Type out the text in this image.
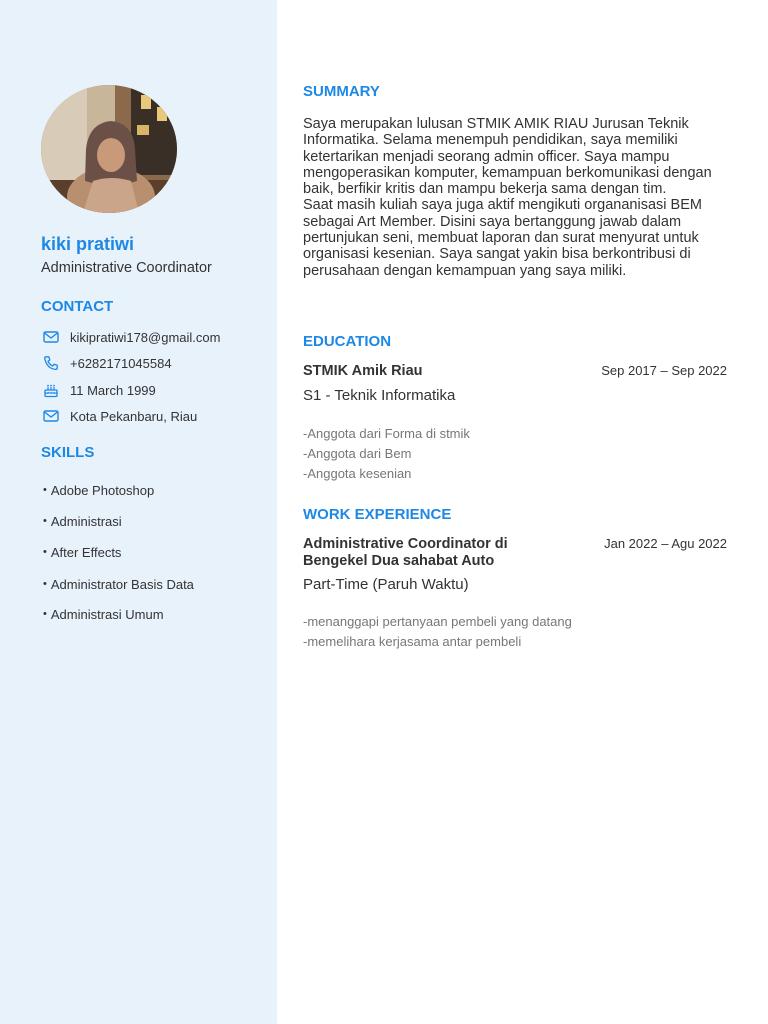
kiki pratiwi
Administrative Coordinator
CONTACT
kikipratiwi178@gmail.com
+6282171045584
11 March 1999
Kota Pekanbaru, Riau
SKILLS
• Adobe Photoshop
• Administrasi
• After Effects
• Administrator Basis Data
• Administrasi Umum
SUMMARY

Saya merupakan lulusan STMIK AMIK RIAU Jurusan Teknik Informatika. Selama menempuh pendidikan, saya memiliki ketertarikan menjadi seorang admin officer. Saya mampu mengoperasikan komputer, kemampuan berkomunikasi dengan baik, berfikir kritis dan mampu bekerja sama dengan tim.

Saat masih kuliah saya juga aktif mengikuti organanisasi BEM sebagai Art Member. Disini saya bertanggung jawab dalam pertunjukan seni, membuat laporan dan surat menyurat untuk organisasi kesenian. Saya sangat yakin bisa berkontribusi di perusahaan dengan kemampuan yang saya miliki.

EDUCATION
STMIK Amik Riau	Sep 2017 – Sep 2022
S1 - Teknik Informatika
-Anggota dari Forma di stmik
-Anggota dari Bem
-Anggota kesenian
WORK EXPERIENCE
Administrative Coordinator di
Bengekel Dua sahabat Auto
Jan 2022 – Agu 2022
Part-Time (Paruh Waktu)
-menanggapi pertanyaan pembeli yang datang
-memelihara kerjasama antar pembeli
